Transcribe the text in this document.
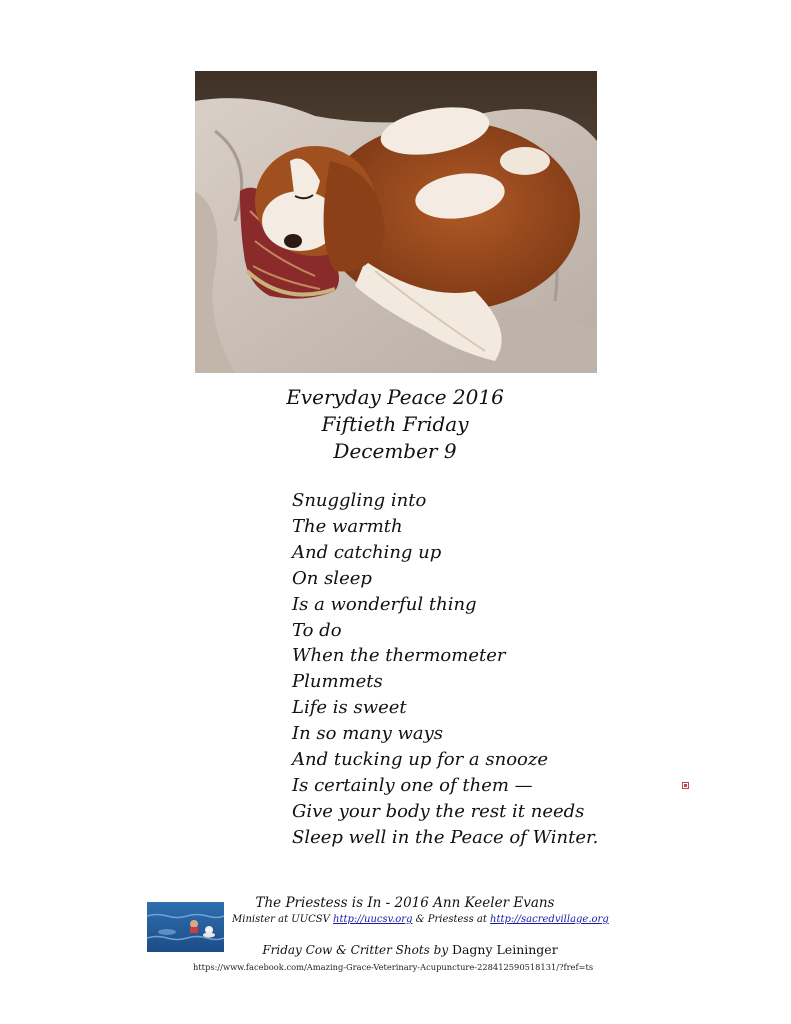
Everyday Peace 2016
Fiftieth Friday
December 9
Snuggling into
The warmth
And catching up
On sleep
Is a wonderful thing
To do
When the thermometer
Plummets
Life is sweet
In so many ways
And tucking up for a snooze
Is certainly one of them —
Give your body the rest it needs
Sleep well in the Peace of Winter.
The Priestess is In - 2016 Ann Keeler Evans
Minister at UUCSV http://uucsv.org & Priestess at http://sacredvillage.org
Friday Cow & Critter Shots by Dagny Leininger
https://www.facebook.com/Amazing-Grace-Veterinary-Acupuncture-228412590518131/?fref=ts
